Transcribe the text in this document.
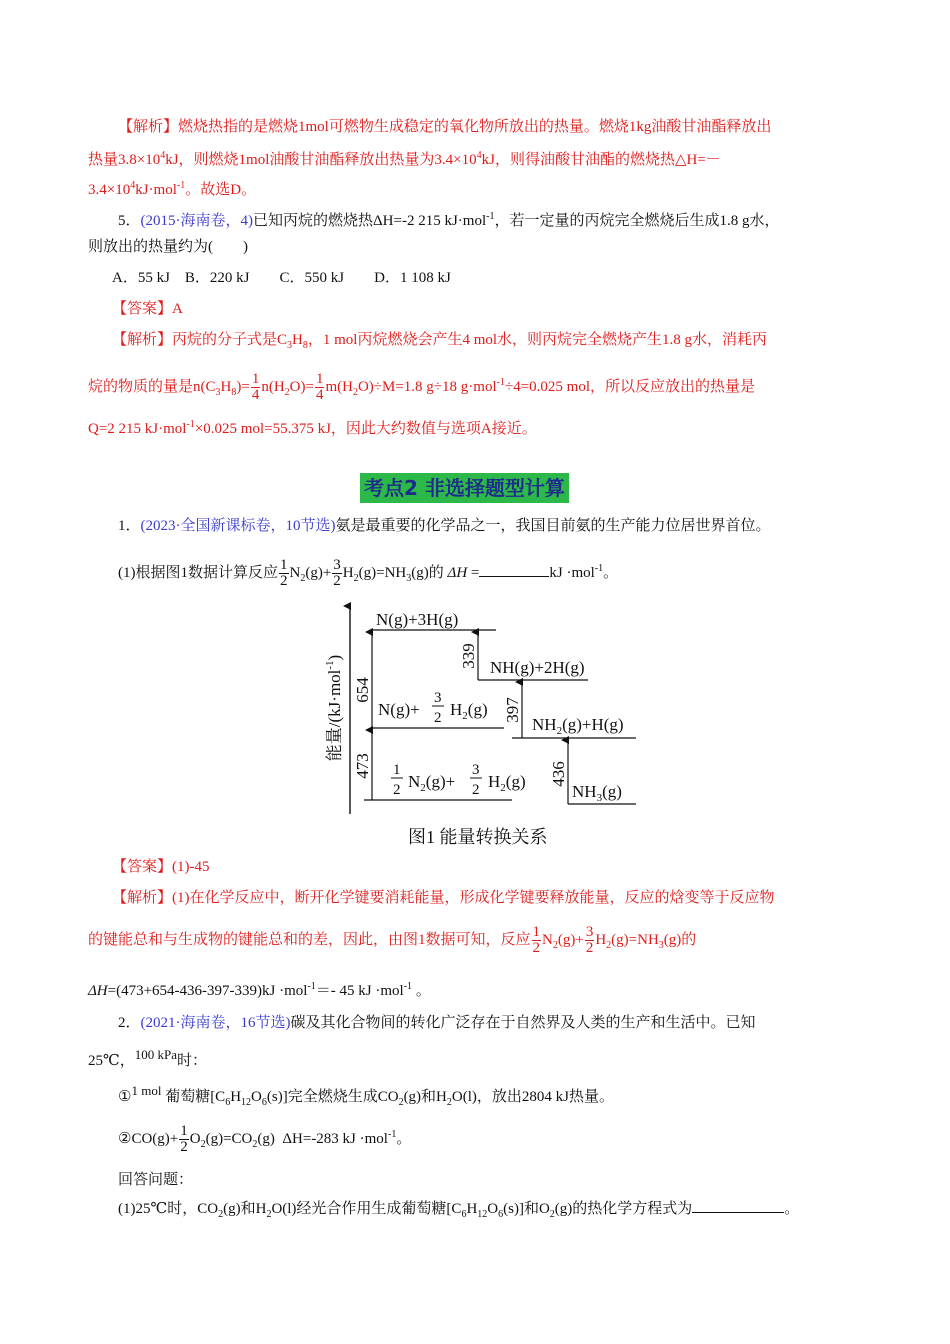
【解析】燃烧热指的是燃烧1mol可燃物生成稳定的氧化物所放出的热量。燃烧1kg油酸甘油酯释放出
热量$3.8\times 10^4kJ$，则燃烧1mol油酸甘油酯释放出热量为$3.4\times 10^4kJ$，则得油酸甘油酯的燃烧热△H=－
$3.4\times 10^4kJ\cdot mol^{-1}$。故选D。
5．(2015·海南卷，4)已知丙烷的燃烧热ΔH=-2 215 kJ·mol$^{-1}$，若一定量的丙烷完全燃烧后生成1.8 g水，
则放出的热量约为(　　)
A．55 kJ　B．220 kJ　　C．550 kJ　　D．1 108 kJ
【答案】A
【解析】丙烷的分子式是$C_3H_8$，1 mol丙烷燃烧会产生4 mol水，则丙烷完全燃烧产生1.8 g水，消耗丙
烷的物质的量是$n(C_3H_8)= \frac{1}{4} n(H_2O)= \frac{1}{4} m(H_2O)\div M=1.8$ g÷18 g·mol$^{-1}$÷4=0.025 mol，所以反应放出的热量是
Q=2 215 kJ·mol$^{-1}$×0.025 mol=55.375 kJ，因此大约数值与选项A接近。
考点2 非选择题型计算
1．(2023·全国新课标卷，10节选)氨是最重要的化学品之一，我国目前氨的生产能力位居世界首位。
(1)根据图1数据计算反应 $\frac{1}{2} N_2(g)+ \frac{3}{2} H_2(g)=NH_3(g)$的 ΔH =	kJ ·mol$^{-1}$。
能量/(kJ·mol$^{-1}$)
N(g)+3H(g)
NH(g)+2H(g)
N(g)+
3
2 $H_2(g)$
$NH_2(g)+H(g)$
1
2 $N_2(g)+$
3
2 $H_2(g)$
$NH_3(g)$
654
473
339
397
436
图1 能量转换关系
【答案】(1)-45
【解析】(1)在化学反应中，断开化学键要消耗能量，形成化学键要释放能量，反应的焓变等于反应物
的键能总和与生成物的键能总和的差，因此，由图1数据可知，反应 $\frac{1}{2} N_2(g)+ \frac{3}{2} H_2(g)=NH_3(g)$的
ΔH=(473+654-436-397-339)kJ ·mol$^{-1}$＝- 45 kJ ·mol$^{-1}$ 。
2．(2021·海南卷，16节选)碳及其化合物间的转化广泛存在于自然界及人类的生产和生活中。已知
25℃，$^{100 kPa}$时：
①$^{1 mol}$ 葡萄糖$[C_6H_{12}O_6(s)]$完全燃烧生成$CO_2(g)$和$H_2O(l)$，放出2804 kJ热量。
②CO(g)+ $\frac{1}{2} O_2(g)=CO_2(g)$ ΔH=-283 kJ ·mol$^{-1}$。
回答问题：
(1)25℃时，$CO_2(g)$和$H_2O(l)$经光合作用生成葡萄糖$[C_6H_{12}O_6(s)]$和$O_2(g)$的热化学方程式为	。
